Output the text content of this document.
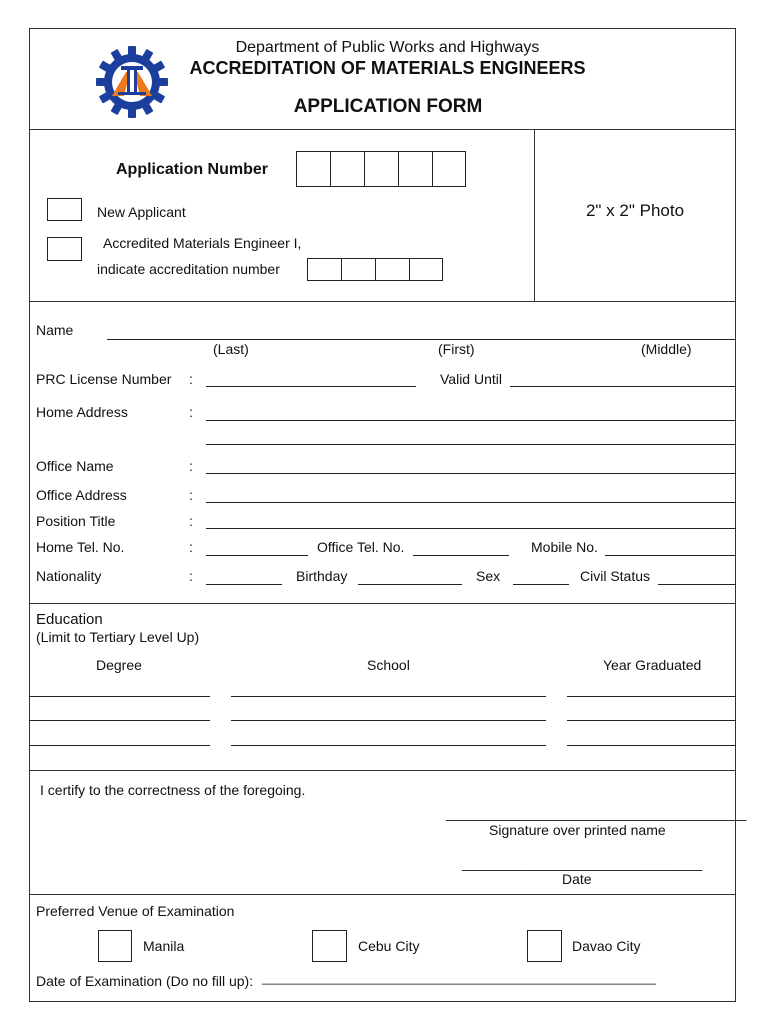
Department of Public Works and Highways
ACCREDITATION OF MATERIALS ENGINEERS
APPLICATION FORM
Application Number
New Applicant
Accredited Materials Engineer I,
indicate accreditation number
2" x 2" Photo
Name
(Last)	(First)	(Middle)
PRC License Number :	Valid Until
Home Address	:
Office Name	:
Office Address	:
Position Title	:
Home Tel. No.	:	Office Tel. No.	Mobile No.
Nationality	:	Birthday	Sex	Civil Status
Education
(Limit to Tertiary Level Up)
Degree	School	Year Graduated
I certify to the correctness of the foregoing.
________________________________________
Signature over printed name
________________________________
Date
Preferred Venue of Examination
Manila	Cebu City	Davao City
Date of Examination (Do no fill up): ___________________________________________________________
